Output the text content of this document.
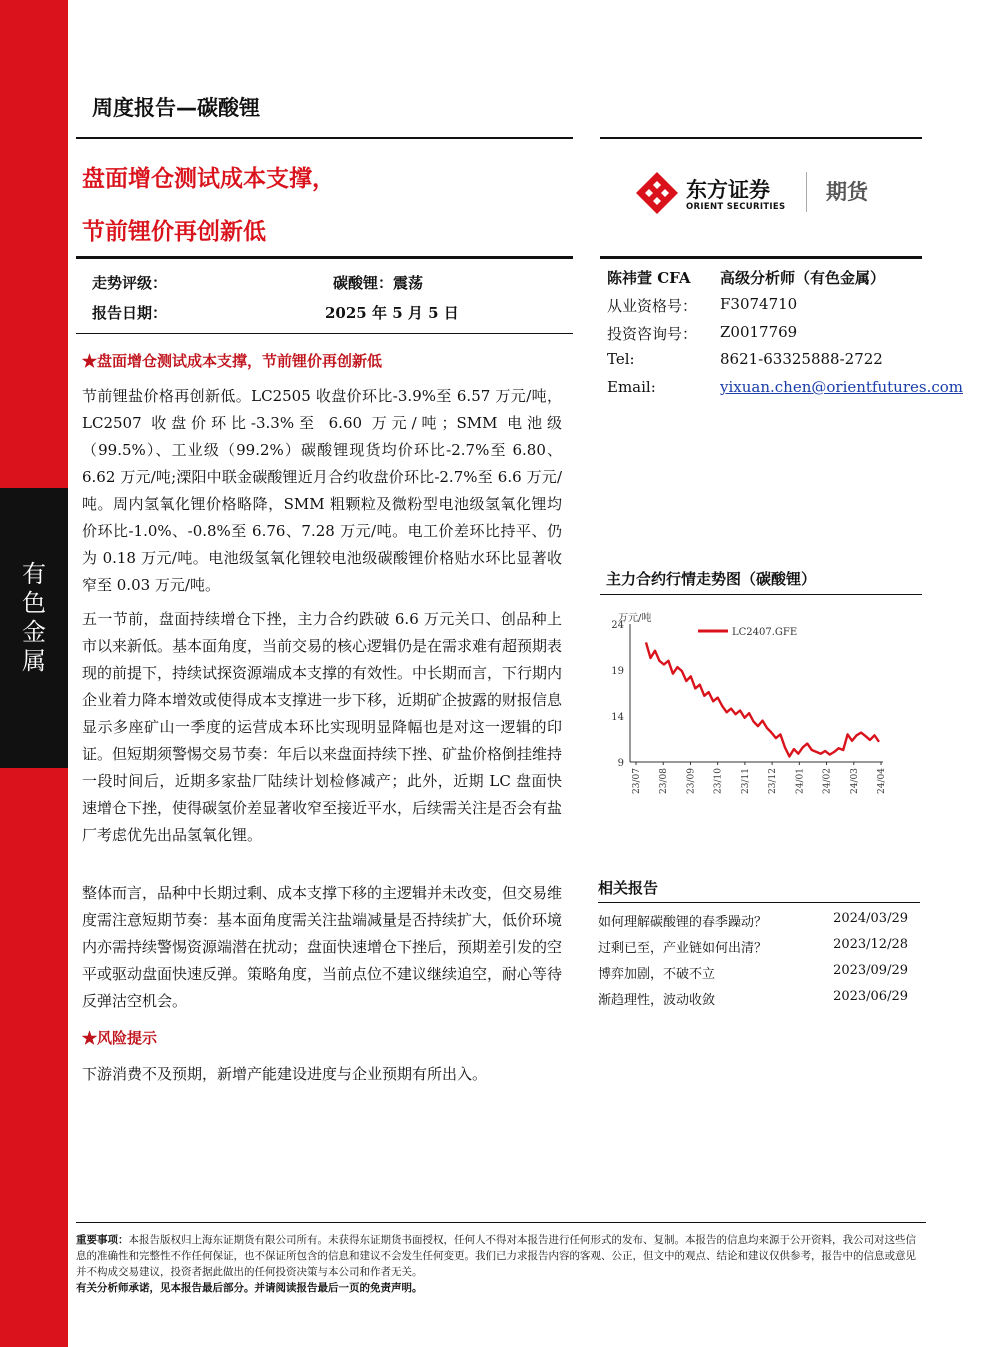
有
色
金
属
周度报告—碳酸锂
盘面增仓测试成本支撑，
节前锂价再创新低
东方证券
ORIENT SECURITIES
期货
走势评级：	碳酸锂：震荡
报告日期：	2025 年 5 月 5 日
陈祎萱 CFA 高级分析师（有色金属）
从业资格号： F3074710
投资咨询号： Z0017769
Tel:	8621-63325888-2722
Email:	yixuan.chen@orientfutures.com
★盘面增仓测试成本支撑，节前锂价再创新低
节前锂盐价格再创新低。LC2505 收盘价环比-3.9%至 6.57 万元/吨，LC2507 收盘价环比-3.3%至 6.60 万元/吨；SMM 电池级（99.5%）、工业级（99.2%）碳酸锂现货均价环比-2.7%至 6.80、6.62 万元/吨;溧阳中联金碳酸锂近月合约收盘价环比-2.7%至 6.6 万元/吨。周内氢氧化锂价格略降，SMM 粗颗粒及微粉型电池级氢氧化锂均价环比-1.0%、-0.8%至 6.76、7.28 万元/吨。电工价差环比持平、仍为 0.18 万元/吨。电池级氢氧化锂较电池级碳酸锂价格贴水环比显著收窄至 0.03 万元/吨。
五一节前，盘面持续增仓下挫，主力合约跌破 6.6 万元关口、创品种上市以来新低。基本面角度，当前交易的核心逻辑仍是在需求难有超预期表现的前提下，持续试探资源端成本支撑的有效性。中长期而言，下行期内企业着力降本增效或使得成本支撑进一步下移，近期矿企披露的财报信息显示多座矿山一季度的运营成本环比实现明显降幅也是对这一逻辑的印证。但短期须警惕交易节奏：年后以来盘面持续下挫、矿盐价格倒挂维持一段时间后，近期多家盐厂陆续计划检修减产；此外，近期 LC 盘面快速增仓下挫，使得碳氢价差显著收窄至接近平水，后续需关注是否会有盐厂考虑优先出品氢氧化锂。
整体而言，品种中长期过剩、成本支撑下移的主逻辑并未改变，但交易维度需注意短期节奏：基本面角度需关注盐端减量是否持续扩大，低价环境内亦需持续警惕资源端潜在扰动；盘面快速增仓下挫后，预期差引发的空平或驱动盘面快速反弹。策略角度，当前点位不建议继续追空，耐心等待反弹沽空机会。
★风险提示
下游消费不及预期，新增产能建设进度与企业预期有所出入。
主力合约行情走势图（碳酸锂）
万元/吨
9
14
19
24
23/07 23/08 23/09 23/10 23/11 23/12 24/01 24/02 24/03 24/04
LC2407.GFE
相关报告
如何理解碳酸锂的春季躁动？	2024/03/29
过剩已至，产业链如何出清？	2023/12/28
博弈加剧，不破不立	2023/09/29
渐趋理性，波动收敛	2023/06/29
重要事项：本报告版权归上海东证期货有限公司所有。未获得东证期货书面授权，任何人不得对本报告进行任何形式的发布、复制。本报告的信息均来源于公开资料，我公司对这些信息的准确性和完整性不作任何保证，也不保证所包含的信息和建议不会发生任何变更。我们已力求报告内容的客观、公正，但文中的观点、结论和建议仅供参考，报告中的信息或意见并不构成交易建议，投资者据此做出的任何投资决策与本公司和作者无关。
有关分析师承诺，见本报告最后部分。并请阅读报告最后一页的免责声明。
